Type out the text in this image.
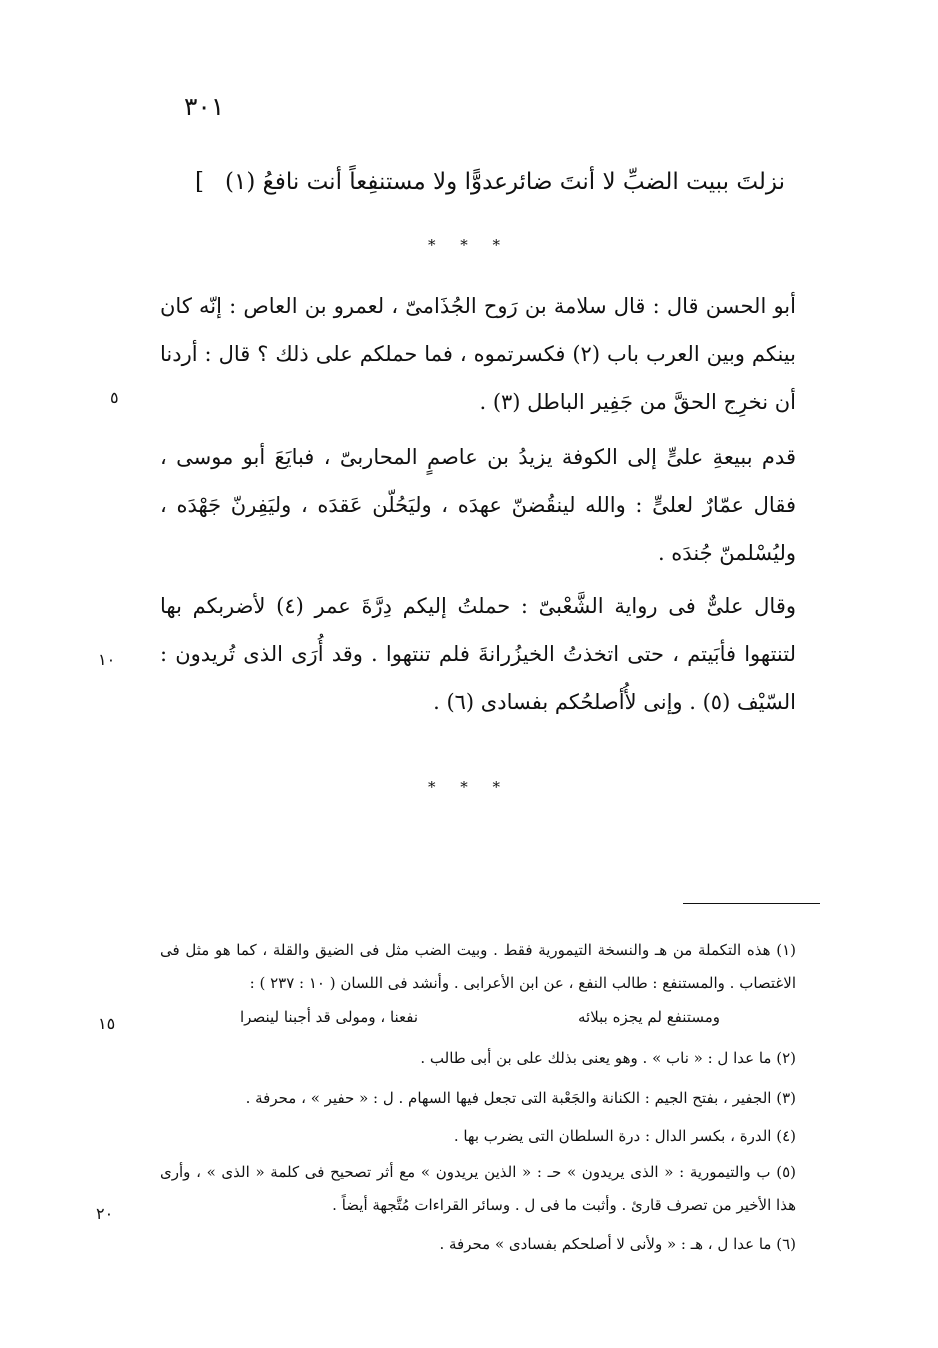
٣٠١
نزلتَ ببيت الضبِّ لا أنتَ ضائر
عدوًّا ولا مستنفِعاً أنت نافعُ (١)
]
* * *

أبو الحسن قال : قال سلامة بن رَوح الجُذَامىّ ، لعمرو بن العاص : إنّه كان بينكم وبين العرب باب (٢) فكسرتموه ، فما حملكم على ذلك ؟ قال : أردنا أن نخرِج الحقَّ من جَفِير الباطل (٣) .

قدم ببيعةِ علىٍّ إلى الكوفة يزيدُ بن عاصمٍ المحاربىّ ، فبايَعَ أبو موسى ، فقال عمّارٌ لعلىٍّ : والله لينقُضنّ عهدَه ، وليَحُلّن عَقدَه ، وليَفِرنّ جَهْدَه ، وليُسْلمنّ جُندَه .

وقال علىٌّ فى رواية الشَّعْبىّ : حملتُ إليكم دِرَّةَ عمر (٤) لأضربكم بها لتنتهوا فأبَيتم ، حتى اتخذتُ الخيزُرانةَ فلم تنتهوا . وقد أُرَى الذى تُريدون : السّيْف (٥) . وإنى لأُأصلحُكم بفسادى (٦) .

* * *
٥
١٠
١٥
٢٠
(١) هذه التكملة من هـ والنسخة التيمورية فقط . وبيت الضب مثل فى الضيق والقلة ، كما هو مثل فى الاغتصاب . والمستنفع : طالب النفع ، عن ابن الأعرابى . وأنشد فى اللسان ( ١٠ : ٢٣٧ ) :
ومستنفع لم يجزه ببلائه
نفعنا ، ومولى قد أجبنا لينصرا
(٢) ما عدا ل : « ناب » . وهو يعنى بذلك على بن أبى طالب .
(٣) الجفير ، بفتح الجيم : الكنانة والجَعْبة التى تجعل فيها السهام . ل : « حفير » ، محرفة .
(٤) الدرة ، بكسر الدال : درة السلطان التى يضرب بها .
(٥) ب والتيمورية : « الذى يريدون » حـ : « الذين يريدون » مع أثر تصحيح فى كلمة « الذى » ، وأرى هذا الأخير من تصرف قارئ . وأثبت ما فى ل . وسائر القراءات مُتَّجهة أيضاً .
(٦) ما عدا ل ، هـ : « ولأنى لا أصلحكم بفسادى » محرفة .
